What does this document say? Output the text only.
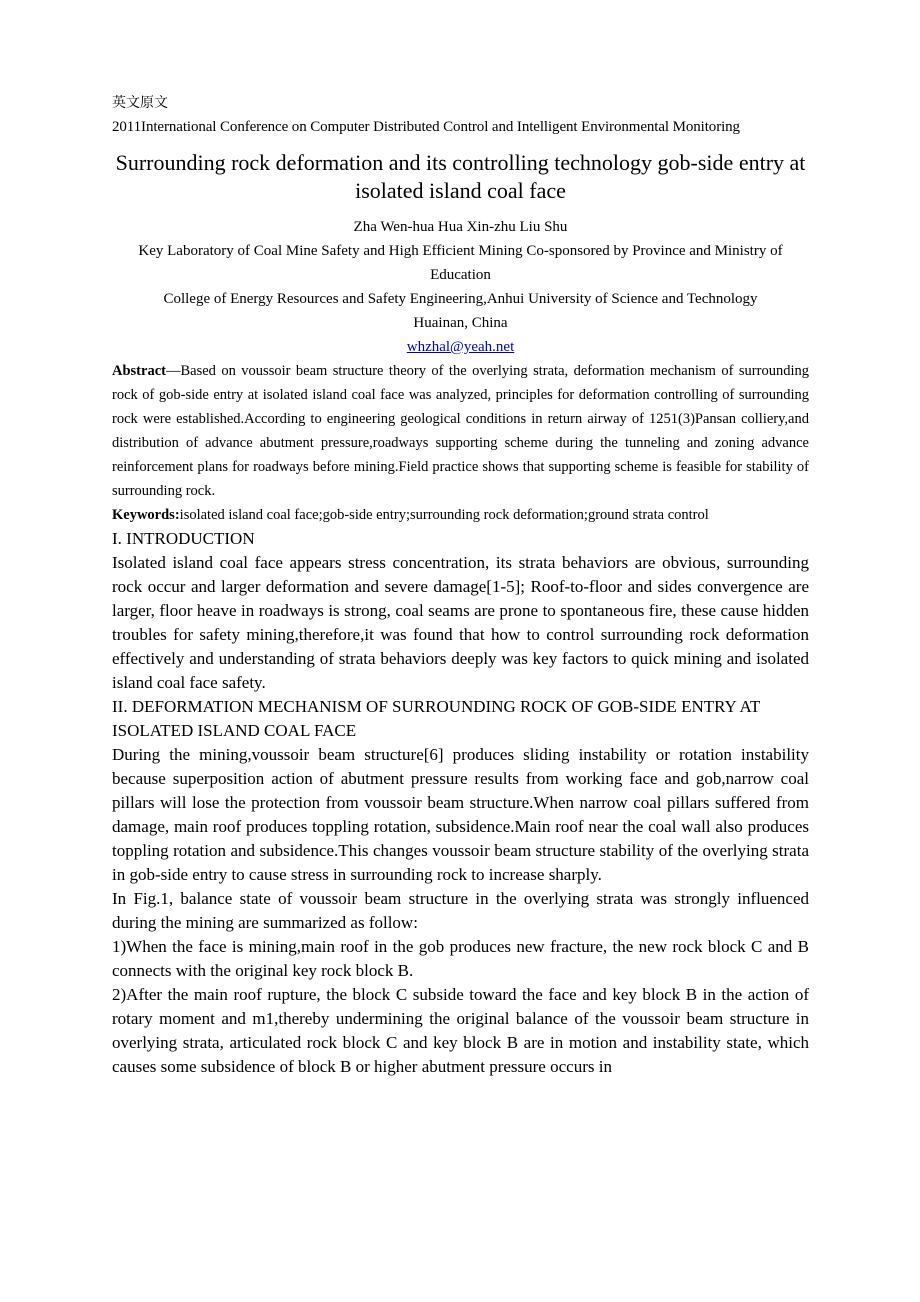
英文原文

2011International Conference on Computer Distributed Control and Intelligent Environmental Monitoring

Surrounding rock deformation and its controlling technology gob-side entry at isolated island coal face

Zha Wen-hua Hua Xin-zhu Liu Shu

Key Laboratory of Coal Mine Safety and High Efficient Mining Co-sponsored by Province and Ministry of Education

College of Energy Resources and Safety Engineering,Anhui University of Science and Technology

Huainan, China

whzhal@yeah.net

Abstract—Based on voussoir beam structure theory of the overlying strata, deformation mechanism of surrounding rock of gob-side entry at isolated island coal face was analyzed, principles for deformation controlling of surrounding rock were established.According to engineering geological conditions in return airway of 1251(3)Pansan colliery,and distribution of advance abutment pressure,roadways supporting scheme during the tunneling and zoning advance reinforcement plans for roadways before mining.Field practice shows that supporting scheme is feasible for stability of surrounding rock.

Keywords:isolated island coal face;gob-side entry;surrounding rock deformation;ground strata control

I. INTRODUCTION

Isolated island coal face appears stress concentration, its strata behaviors are obvious, surrounding rock occur and larger deformation and severe damage[1-5]; Roof-to-floor and sides convergence are larger, floor heave in roadways is strong, coal seams are prone to spontaneous fire, these cause hidden troubles for safety mining,therefore,it was found that how to control surrounding rock deformation effectively and understanding of strata behaviors deeply was key factors to quick mining and isolated island coal face safety.

II. DEFORMATION MECHANISM OF SURROUNDING ROCK OF GOB-SIDE ENTRY AT ISOLATED ISLAND COAL FACE

During the mining,voussoir beam structure[6] produces sliding instability or rotation instability because superposition action of abutment pressure results from working face and gob,narrow coal pillars will lose the protection from voussoir beam structure.When narrow coal pillars suffered from damage, main roof produces toppling rotation, subsidence.Main roof near the coal wall also produces toppling rotation and subsidence.This changes voussoir beam structure stability of the overlying strata in gob-side entry to cause stress in surrounding rock to increase sharply.

In Fig.1, balance state of voussoir beam structure in the overlying strata was strongly influenced during the mining are summarized as follow:

1)When the face is mining,main roof in the gob produces new fracture, the new rock block C and B connects with the original key rock block B.

2)After the main roof rupture, the block C subside toward the face and key block B in the action of rotary moment and m1,thereby undermining the original balance of the voussoir beam structure in overlying strata, articulated rock block C and key block B are in motion and instability state, which causes some subsidence of block B or higher abutment pressure occurs in
